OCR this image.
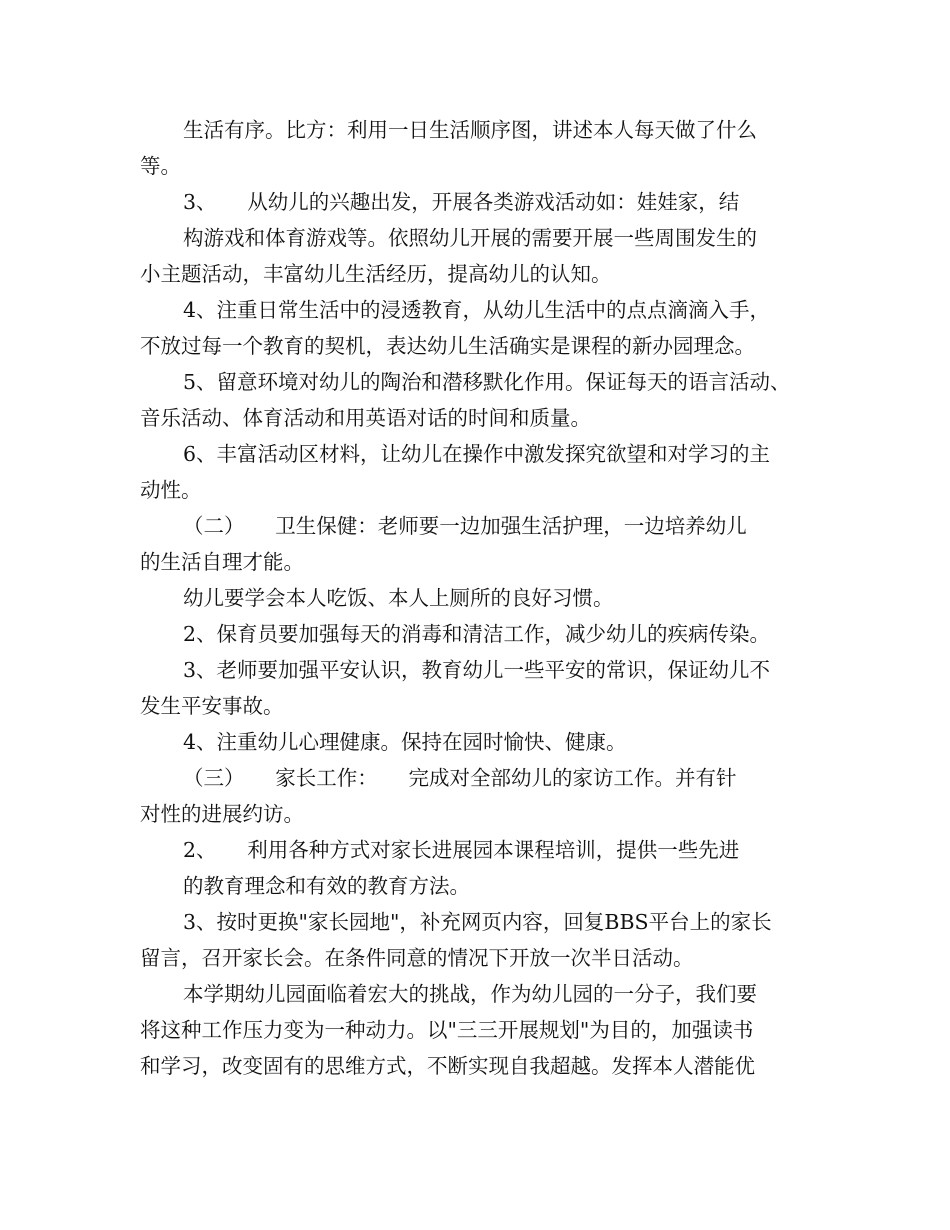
生活有序。比方：利用一日生活顺序图，讲述本人每天做了什么
等。
3、　　从幼儿的兴趣出发，开展各类游戏活动如：娃娃家，结
构游戏和体育游戏等。依照幼儿开展的需要开展一些周围发生的
小主题活动，丰富幼儿生活经历，提高幼儿的认知。
4、注重日常生活中的浸透教育，从幼儿生活中的点点滴滴入手，
不放过每一个教育的契机，表达幼儿生活确实是课程的新办园理念。
5、留意环境对幼儿的陶治和潜移默化作用。保证每天的语言活动、
音乐活动、体育活动和用英语对话的时间和质量。
6、丰富活动区材料，让幼儿在操作中激发探究欲望和对学习的主
动性。
（二）　　卫生保健：老师要一边加强生活护理，一边培养幼儿
的生活自理才能。
幼儿要学会本人吃饭、本人上厕所的良好习惯。
2、保育员要加强每天的消毒和清洁工作，减少幼儿的疾病传染。
3、老师要加强平安认识，教育幼儿一些平安的常识，保证幼儿不
发生平安事故。
4、注重幼儿心理健康。保持在园时愉快、健康。
（三）　　家长工作：　　完成对全部幼儿的家访工作。并有针
对性的进展约访。
2、　　利用各种方式对家长进展园本课程培训，提供一些先进
的教育理念和有效的教育方法。
3、按时更换"家长园地"，补充网页内容，回复BBS平台上的家长
留言，召开家长会。在条件同意的情况下开放一次半日活动。
本学期幼儿园面临着宏大的挑战，作为幼儿园的一分子，我们要
将这种工作压力变为一种动力。以"三三开展规划"为目的，加强读书
和学习，改变固有的思维方式，不断实现自我超越。发挥本人潜能优
